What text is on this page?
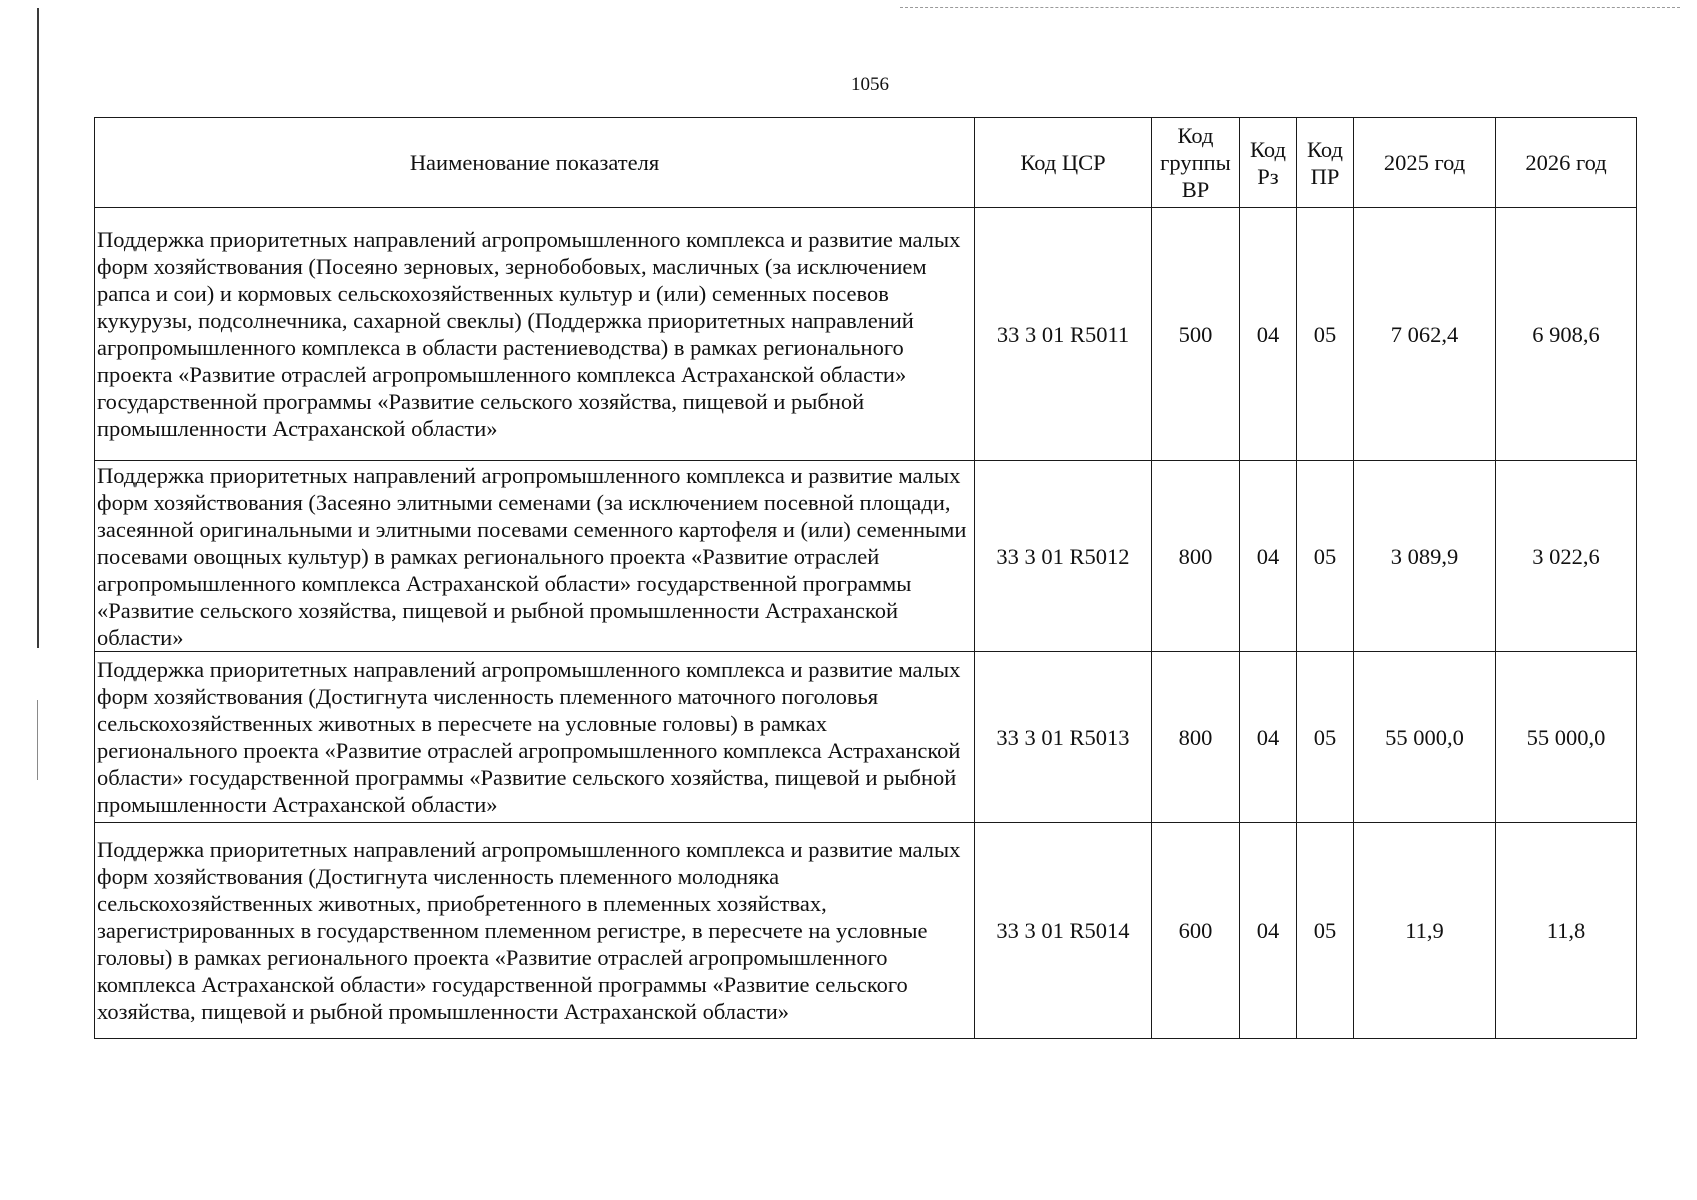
1056
Наименование показателя	Код ЦСР	Код группы ВР	Код Рз	Код ПР	2025 год	2026 год
Поддержка приоритетных направлений агропромышленного комплекса и развитие малых форм хозяйствования (Посеяно зерновых, зернобобовых, масличных (за исключением рапса и сои) и кормовых сельскохозяйственных культур и (или) семенных посевов кукурузы, подсолнечника, сахарной свеклы) (Поддержка приоритетных направлений агропромышленного комплекса в области растениеводства) в рамках регионального проекта «Развитие отраслей агропромышленного комплекса Астраханской области» государственной программы «Развитие сельского хозяйства, пищевой и рыбной промышленности Астраханской области»	33 3 01 R5011	500	04	05	7 062,4	6 908,6
Поддержка приоритетных направлений агропромышленного комплекса и развитие малых форм хозяйствования (Засеяно элитными семенами (за исключением посевной площади, засеянной оригинальными и элитными посевами семенного картофеля и (или) семенными посевами овощных культур) в рамках регионального проекта «Развитие отраслей агропромышленного комплекса Астраханской области» государственной программы «Развитие сельского хозяйства, пищевой и рыбной промышленности Астраханской области»	33 3 01 R5012	800	04	05	3 089,9	3 022,6
Поддержка приоритетных направлений агропромышленного комплекса и развитие малых форм хозяйствования (Достигнута численность племенного маточного поголовья сельскохозяйственных животных в пересчете на условные головы) в рамках регионального проекта «Развитие отраслей агропромышленного комплекса Астраханской области» государственной программы «Развитие сельского хозяйства, пищевой и рыбной промышленности Астраханской области»	33 3 01 R5013	800	04	05	55 000,0	55 000,0
Поддержка приоритетных направлений агропромышленного комплекса и развитие малых форм хозяйствования (Достигнута численность племенного молодняка сельскохозяйственных животных, приобретенного в племенных хозяйствах, зарегистрированных в государственном племенном регистре, в пересчете на условные головы) в рамках регионального проекта «Развитие отраслей агропромышленного комплекса Астраханской области» государственной программы «Развитие сельского хозяйства, пищевой и рыбной промышленности Астраханской области»	33 3 01 R5014	600	04	05	11,9	11,8
